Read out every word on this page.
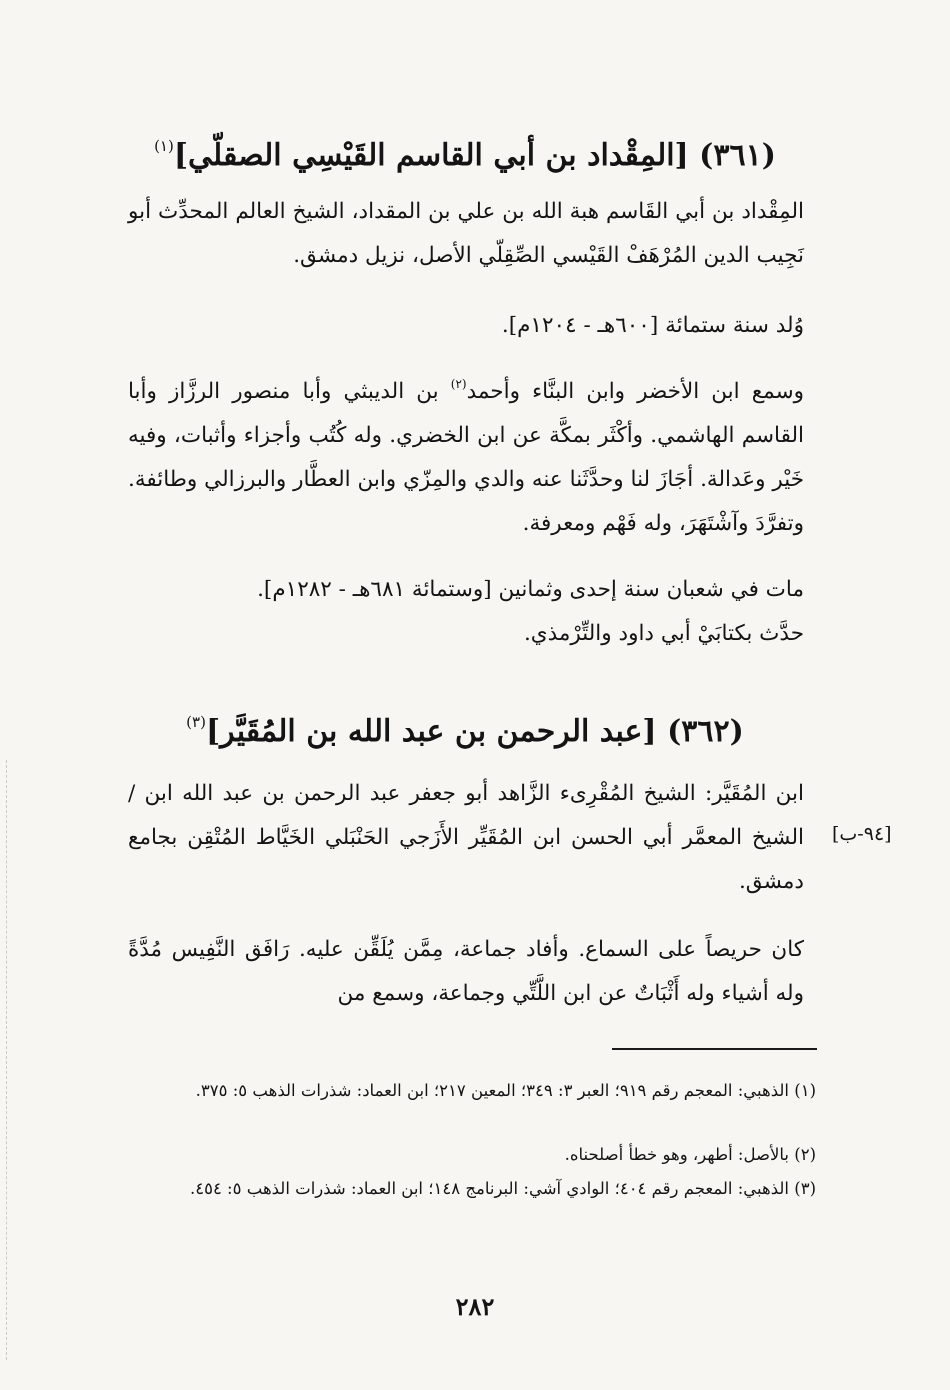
(٣٦١) [المِقْداد بن أبي القاسم القَيْسِي الصقلّي]$^{(١)}$
المِقْداد بن أبي القَاسم هبة الله بن علي بن المقداد، الشيخ العالم المحدِّث أبو نَجِيب الدين المُرْهَفْ القَيْسي الصِّقِلّي الأصل، نزيل دمشق.
وُلد سنة ستمائة [٦٠٠هـ - ١٢٠٤م].
وسمع ابن الأخضر وابن البنَّاء وأحمد$^{(٢)}$ بن الديبثي وأبا منصور الرزَّاز وأبا القاسم الهاشمي. وأكْثَر بمكَّة عن ابن الخضري. وله كُتُب وأجزاء وأثبات، وفيه خَيْر وعَدالة. أجَازَ لنا وحدَّثَنا عنه والدي والمِزّي وابن العطَّار والبرزالي وطائفة. وتفرَّدَ وآشْتَهَرَ، وله فَهْم ومعرفة.
مات في شعبان سنة إحدى وثمانين [وستمائة ٦٨١هـ - ١٢٨٢م].
حدَّث بكتابَيْ أبي داود والتِّرْمذي.
(٣٦٢) [عبد الرحمن بن عبد الله بن المُقَيَّر]$^{(٣)}$
ابن المُقَيَّر: الشيخ المُقْرِىء الزَّاهد أبو جعفر عبد الرحمن بن عبد الله ابن / الشيخ المعمَّر أبي الحسن ابن المُقَيِّر الأَزَجي الحَنْبَلي الخَيَّاط المُتْقِن بجامع دمشق.
[٩٤-ب]
كان حريصاً على السماع. وأفاد جماعة، مِمَّن يُلَقِّن عليه. رَافَق النَّفِيس مُدَّةً وله أشياء وله أَثْبَاتٌ عن ابن اللَّتِّي وجماعة، وسمع من
(١) الذهبي: المعجم رقم ٩١٩؛ العبر ٣: ٣٤٩؛ المعين ٢١٧؛ ابن العماد: شذرات الذهب ٥: ٣٧٥.
(٢) بالأصل: أطهر، وهو خطأ أصلحناه.
(٣) الذهبي: المعجم رقم ٤٠٤؛ الوادي آشي: البرنامج ١٤٨؛ ابن العماد: شذرات الذهب ٥: ٤٥٤.
٢٨٢
